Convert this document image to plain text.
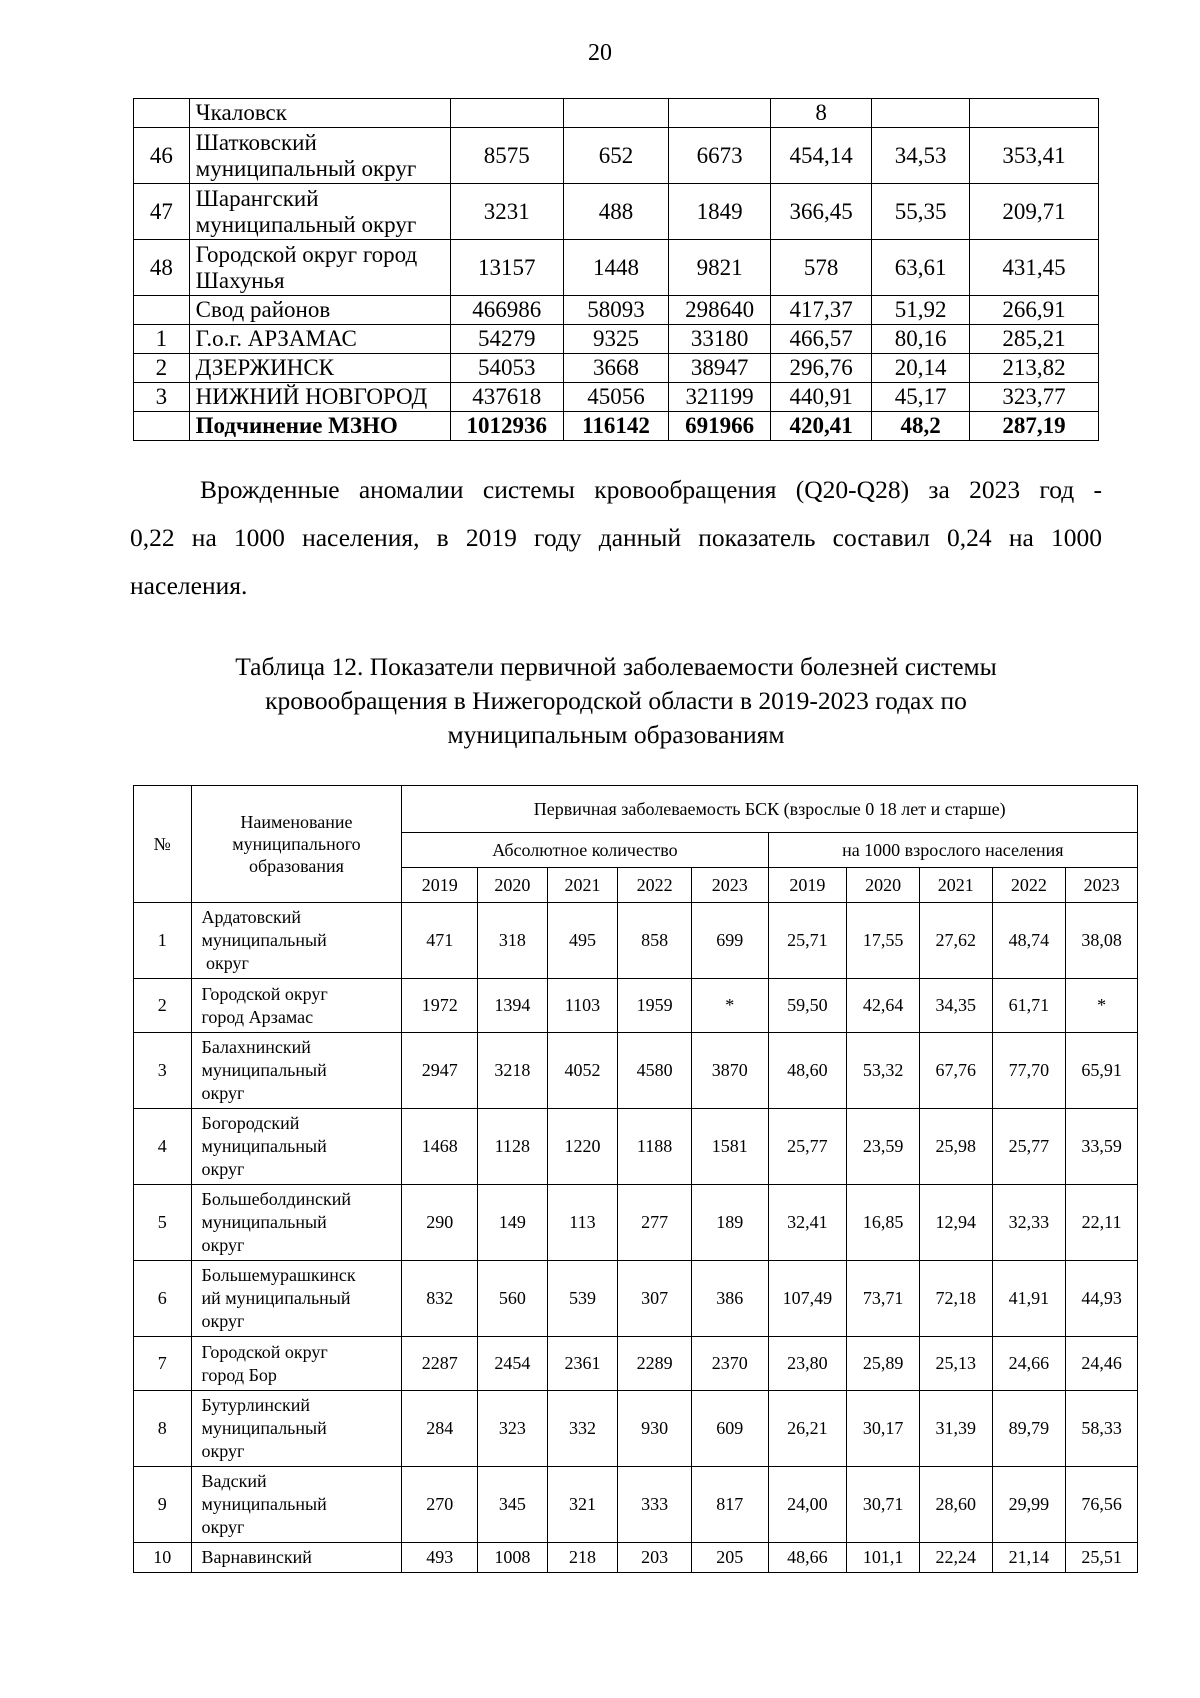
20
	Чкаловск				8		
46	Шатковский муниципальный округ	8575	652	6673	454,14	34,53	353,41
47	Шарангский муниципальный округ	3231	488	1849	366,45	55,35	209,71
48	Городской округ город Шахунья	13157	1448	9821	578	63,61	431,45
	Свод районов	466986	58093	298640	417,37	51,92	266,91
1	Г.о.г. АРЗАМАС	54279	9325	33180	466,57	80,16	285,21
2	ДЗЕРЖИНСК	54053	3668	38947	296,76	20,14	213,82
3	НИЖНИЙ НОВГОРОД	437618	45056	321199	440,91	45,17	323,77
	Подчинение МЗНО	1012936	116142	691966	420,41	48,2	287,19
Врожденные аномалии системы кровообращения (Q20-Q28) за 2023 год -
0,22 на 1000 населения, в 2019 году данный показатель составил 0,24 на 1000
населения.
Таблица 12. Показатели первичной заболеваемости болезней системы
кровообращения в Нижегородской области в 2019-2023 годах по
муниципальным образованиям
№	Наименование муниципального образования	Первичная заболеваемость БСК (взрослые 0 18 лет и старше)									
		Абсолютное количество					на 1000 взрослого населения				
		2019	2020	2021	2022	2023	2019	2020	2021	2022	2023
1	Ардатовский
муниципальный
округ	471	318	495	858	699	25,71	17,55	27,62	48,74	38,08
2	Городской округ
город Арзамас	1972	1394	1103	1959	*	59,50	42,64	34,35	61,71	*
3	Балахнинский
муниципальный
округ	2947	3218	4052	4580	3870	48,60	53,32	67,76	77,70	65,91
4	Богородский
муниципальный
округ	1468	1128	1220	1188	1581	25,77	23,59	25,98	25,77	33,59
5	Большеболдинский
муниципальный
округ	290	149	113	277	189	32,41	16,85	12,94	32,33	22,11
6	Большемурашкинск
ий муниципальный
округ	832	560	539	307	386	107,49	73,71	72,18	41,91	44,93
7	Городской округ
город Бор	2287	2454	2361	2289	2370	23,80	25,89	25,13	24,66	24,46
8	Бутурлинский
муниципальный
округ	284	323	332	930	609	26,21	30,17	31,39	89,79	58,33
9	Вадский
муниципальный
округ	270	345	321	333	817	24,00	30,71	28,60	29,99	76,56
10	Варнавинский	493	1008	218	203	205	48,66	101,1	22,24	21,14	25,51
